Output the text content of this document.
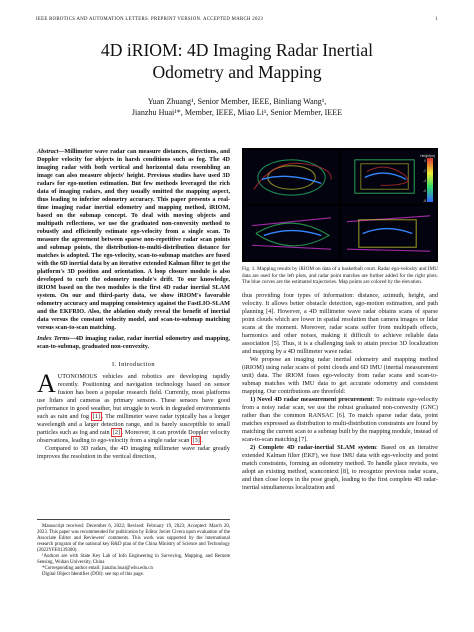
IEEE ROBOTICS AND AUTOMATION LETTERS. PREPRINT VERSION. ACCEPTED MARCH 2023	1
4D iRIOM: 4D Imaging Radar Inertial
Odometry and Mapping
Yuan Zhuang¹, Senior Member, IEEE, Binliang Wang¹,
Jianzhu Huai¹*, Member, IEEE, Miao Li¹, Senior Member, IEEE

Abstract—Millimeter wave radar can measure distances, directions, and Doppler velocity for objects in harsh conditions such as fog. The 4D imaging radar with both vertical and horizontal data resembling an image can also measure objects' height. Previous studies have used 3D radars for ego-motion estimation. But few methods leveraged the rich data of imaging radars, and they usually omitted the mapping aspect, thus leading to inferior odometry accuracy. This paper presents a real-time imaging radar inertial odometry and mapping method, iRIOM, based on the submap concept. To deal with moving objects and multipath reflections, we use the graduated non-convexity method to robustly and efficiently estimate ego-velocity from a single scan. To measure the agreement between sparse non-repetitive radar scan points and submap points, the distribution-to-multi-distribution distance for matches is adopted. The ego-velocity, scan-to-submap matches are fused with the 6D inertial data by an iterative extended Kalman filter to get the platform's 3D position and orientation. A loop closure module is also developed to curb the odometry module's drift. To our knowledge, iRIOM based on the two modules is the first 4D radar inertial SLAM system. On our and third-party data, we show iRIOM's favorable odometry accuracy and mapping consistency against the FastLIO-SLAM and the EKFRIO. Also, the ablation study reveal the benefit of inertial data versus the constant velocity model, and scan-to-submap matching versus scan-to-scan matching.

Index Terms—4D imaging radar, radar inertial odometry and mapping, scan-to-submap, graduated non-convexity.

I. Introduction

AUTONOMOUS vehicles and robotics are developing rapidly recently. Positioning and navigation technology based on sensor fusion has been a popular research field. Currently, most platforms use lidars and cameras as primary sensors. These sensors have good performance in good weather, but struggle to work in degraded environments such as rain and fog [1] . The millimeter wave radar typically has a longer wavelength and a larger detection range, and is barely susceptible to small particles such as fog and rain [2] . Moreover, it can provide Doppler velocity observations, leading to ego-velocity from a single radar scan [3] .

Compared to 3D radars, the 4D imaging millimeter wave radar greatly improves the resolution in the vertical direction,

Manuscript received: December 6, 2022; Revised: February 19, 2023; Accepted: March 20, 2023. This paper was recommended for publication by Editor Javier Civera upon evaluation of the Associate Editor and Reviewers' comments. This work was supported by the international research program of the national key R&D plan of the China Ministry of Science and Technology (2022YFE0139300).

¹Authors are with State Key Lab of Info Engineering in Surveying, Mapping, and Remote Sensing, Wuhan University, China

*Corresponding author email: jianzhu.huai@whu.edu.cn

Digital Object Identifier (DOI): see top of this page.

Height(m)
0
-2
-4
-6
-8
Fig. 1. Mapping results by iRIOM on data of a basketball court. Radar ego-velocity and IMU data are used for the left plots, and radar point matches are further added for the right plots. The blue curves are the estimated trajectories. Map points are colored by the elevation.

thus providing four types of information: distance, azimuth, height, and velocity. It allows better obstacle detection, ego-motion estimation, and path planning [4]. However, a 4D millimeter wave radar obtains scans of sparse point clouds which are lower in spatial resolution than camera images or lidar scans at the moment. Moreover, radar scans suffer from multipath effects, harmonics and other noises, making it difficult to achieve reliable data association [5]. Thus, it is a challenging task to attain precise 3D localization and mapping by a 4D millimeter wave radar.

We propose an imaging radar inertial odometry and mapping method (iRIOM) using radar scans of point clouds and 6D IMU (inertial measurement unit) data. The iRIOM fuses ego-velocity from radar scans and scan-to-submap matches with IMU data to get accurate odometry and consistent mapping. Our contributions are threefold:

1) Novel 4D radar measurement procurement: To estimate ego-velocity from a noisy radar scan, we use the robust graduated non-convexity (GNC) rather than the common RANSAC [6]. To match sparse radar data, point matches expressed as distribution to multi-distribution constraints are found by matching the current scan to a submap built by the mapping module, instead of scan-to-scan matching [7].

2) Complete 4D radar-inertial SLAM system: Based on an iterative extended Kalman filter (EKF), we fuse IMU data with ego-velocity and point match constraints, forming an odometry method. To handle place revisits, we adopt an existing method, scancontext [8], to recognize previous radar scans, and then close loops in the pose graph, leading to the first complete 4D radar-inertial simultaneous localization and
